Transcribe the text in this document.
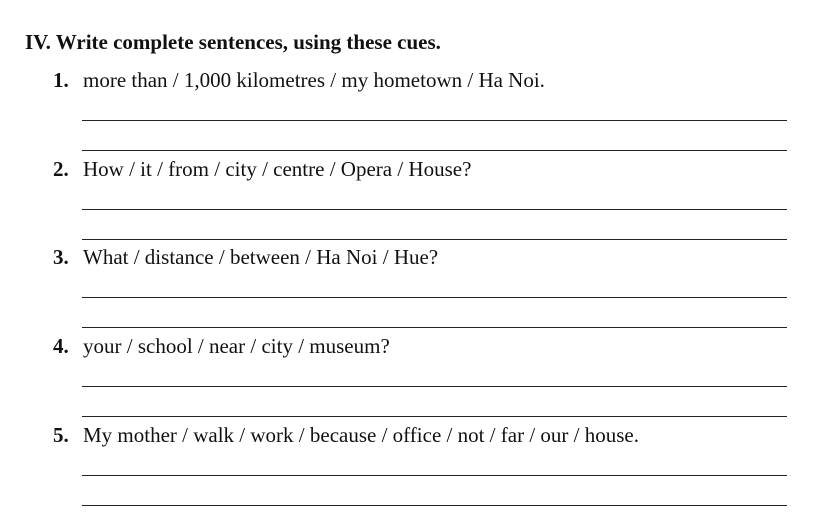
IV. Write complete sentences, using these cues.
1. more than / 1,000 kilometres / my hometown / Ha Noi.
2. How / it / from / city / centre / Opera / House?
3. What / distance / between / Ha Noi / Hue?
4. your / school / near / city / museum?
5. My mother / walk / work / because / office / not / far / our / house.
